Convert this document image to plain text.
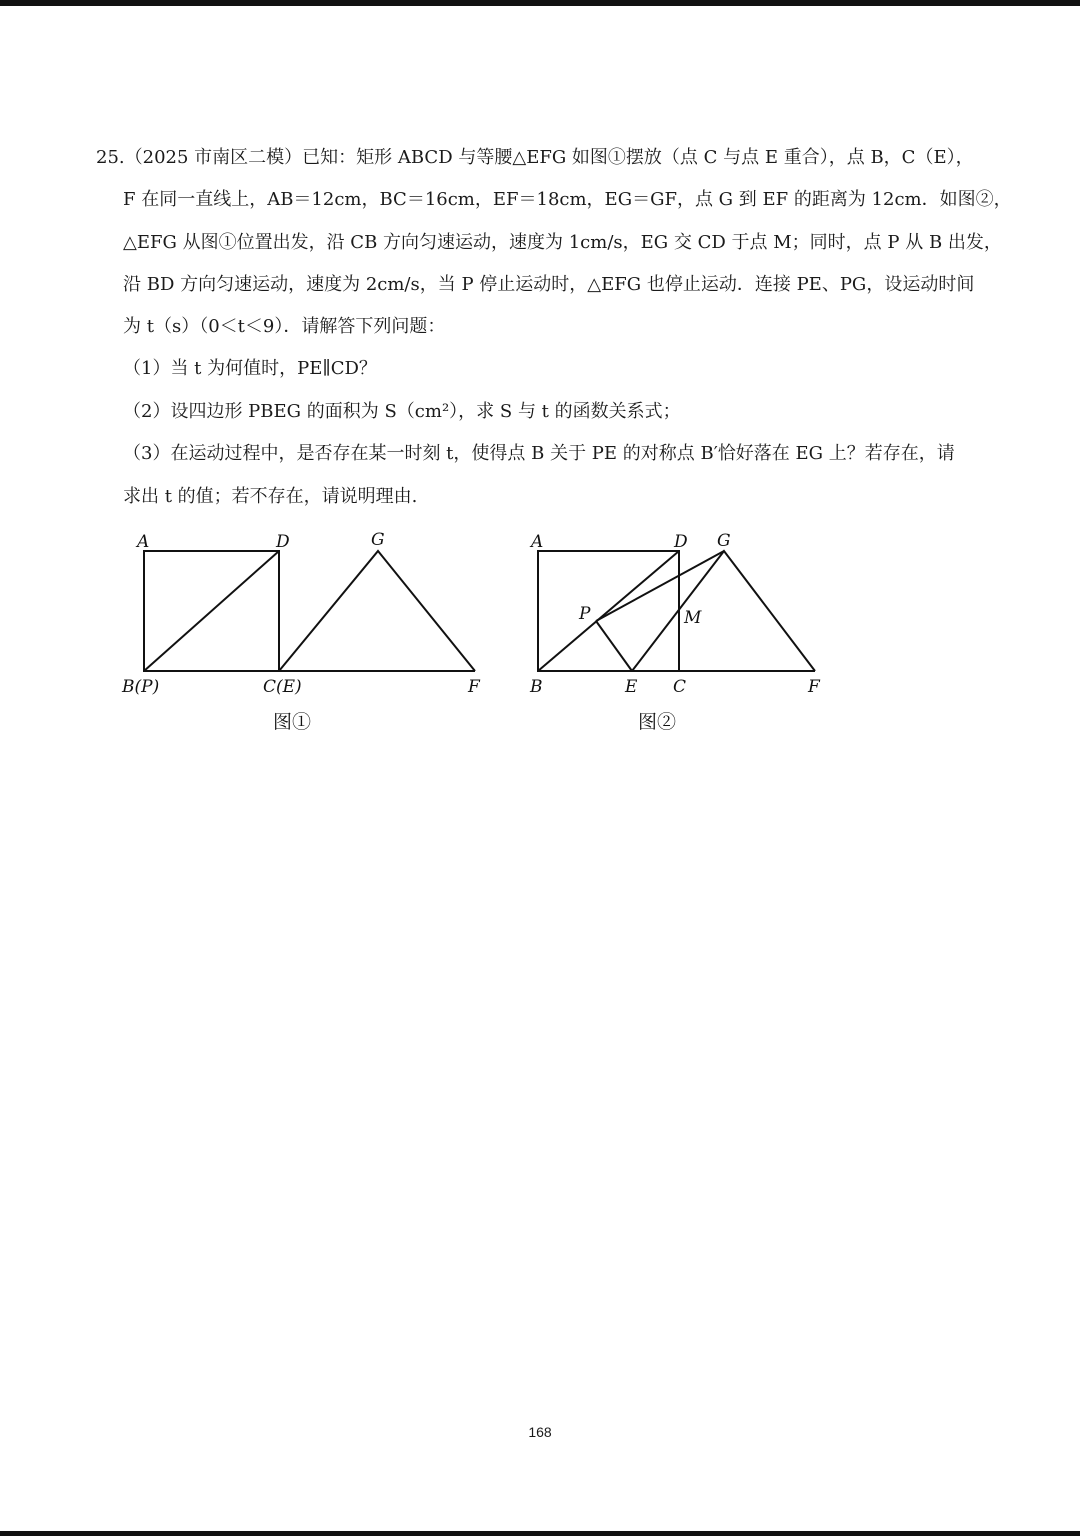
25.（2025 市南区二模）已知：矩形 ABCD 与等腰△EFG 如图①摆放（点 C 与点 E 重合），点 B，C（E），
F 在同一直线上，AB＝12cm，BC＝16cm，EF＝18cm，EG＝GF，点 G 到 EF 的距离为 12cm．如图②，
△EFG 从图①位置出发，沿 CB 方向匀速运动，速度为 1cm/s，EG 交 CD 于点 M；同时，点 P 从 B 出发，
沿 BD 方向匀速运动，速度为 2cm/s，当 P 停止运动时，△EFG 也停止运动．连接 PE、PG，设运动时间
为 t（s）（0＜t＜9）．请解答下列问题：
（1）当 t 为何值时，PE∥CD？
（2）设四边形 PBEG 的面积为 S（cm²），求 S 与 t 的函数关系式；
（3）在运动过程中，是否存在某一时刻 t，使得点 B 关于 PE 的对称点 B′恰好落在 EG 上？若存在，请
求出 t 的值；若不存在，请说明理由.
A	D	G
B(P)	C(E)	F
图①
A	D G
P	M
B	E C	F
图②
168
